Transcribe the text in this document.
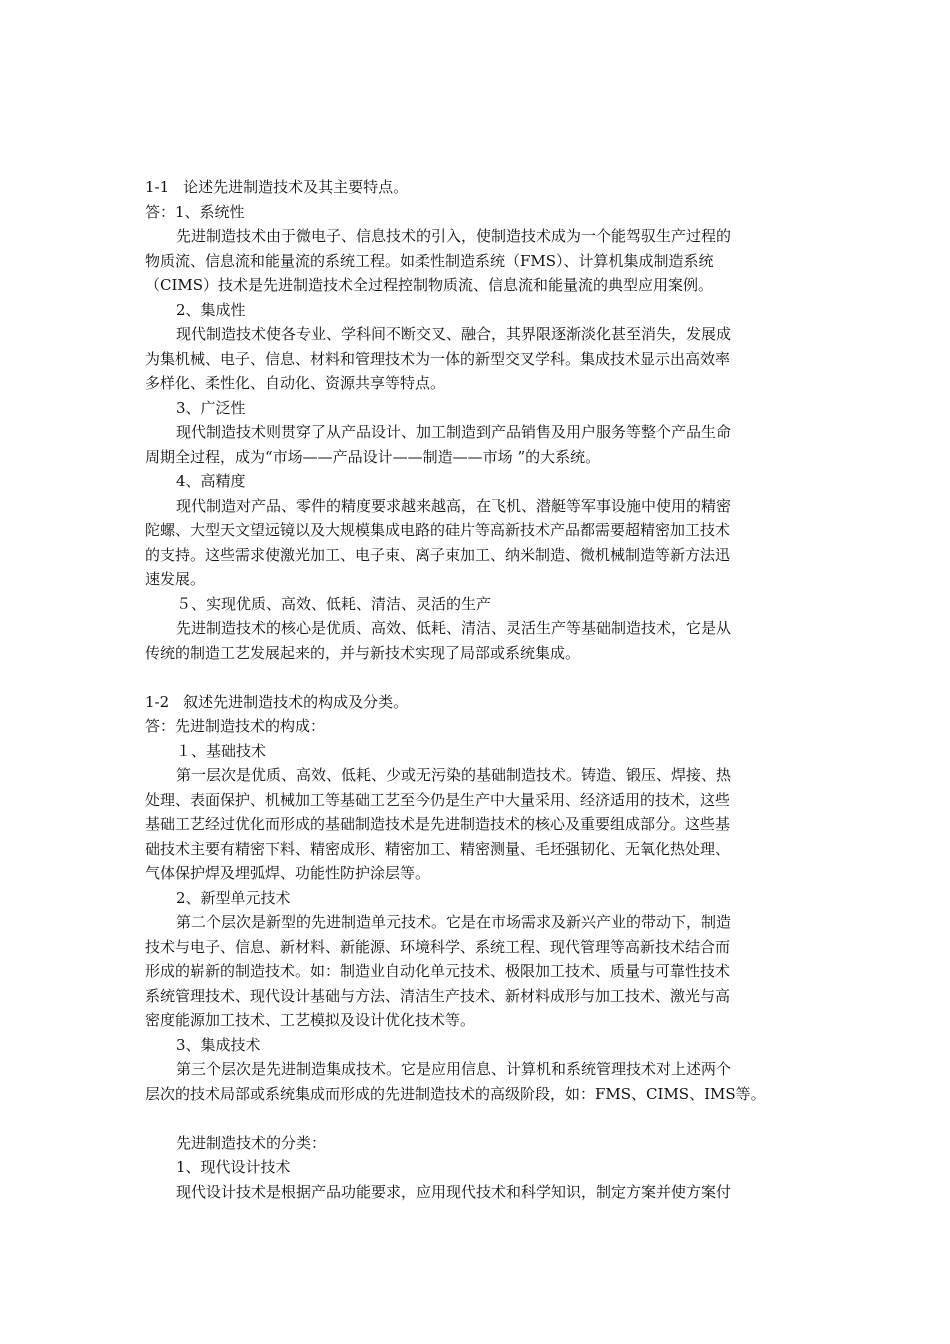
1-1 论述先进制造技术及其主要特点。
答：1、系统性
先进制造技术由于微电子、信息技术的引入，使制造技术成为一个能驾驭生产过程的
物质流、信息流和能量流的系统工程。如柔性制造系统（FMS）、计算机集成制造系统
（CIMS）技术是先进制造技术全过程控制物质流、信息流和能量流的典型应用案例。
2、集成性
现代制造技术使各专业、学科间不断交叉、融合，其界限逐渐淡化甚至消失，发展成
为集机械、电子、信息、材料和管理技术为一体的新型交叉学科。集成技术显示出高效率
多样化、柔性化、自动化、资源共享等特点。
3、广泛性
现代制造技术则贯穿了从产品设计、加工制造到产品销售及用户服务等整个产品生命
周期全过程，成为“市场——产品设计——制造——市场 ”的大系统。
4、高精度
现代制造对产品、零件的精度要求越来越高，在飞机、潜艇等军事设施中使用的精密
陀螺、大型天文望远镜以及大规模集成电路的硅片等高新技术产品都需要超精密加工技术
的支持。这些需求使激光加工、电子束、离子束加工、纳米制造、微机械制造等新方法迅
速发展。
５、实现优质、高效、低耗、清洁、灵活的生产
先进制造技术的核心是优质、高效、低耗、清洁、灵活生产等基础制造技术，它是从
传统的制造工艺发展起来的，并与新技术实现了局部或系统集成。
1-2 叙述先进制造技术的构成及分类。
答：先进制造技术的构成：
１、基础技术
第一层次是优质、高效、低耗、少或无污染的基础制造技术。铸造、锻压、焊接、热
处理、表面保护、机械加工等基础工艺至今仍是生产中大量采用、经济适用的技术，这些
基础工艺经过优化而形成的基础制造技术是先进制造技术的核心及重要组成部分。这些基
础技术主要有精密下料、精密成形、精密加工、精密测量、毛坯强韧化、无氧化热处理、
气体保护焊及埋弧焊、功能性防护涂层等。
2、新型单元技术
第二个层次是新型的先进制造单元技术。它是在市场需求及新兴产业的带动下，制造
技术与电子、信息、新材料、新能源、环境科学、系统工程、现代管理等高新技术结合而
形成的崭新的制造技术。如：制造业自动化单元技术、极限加工技术、质量与可靠性技术
系统管理技术、现代设计基础与方法、清洁生产技术、新材料成形与加工技术、激光与高
密度能源加工技术、工艺模拟及设计优化技术等。
3、集成技术
第三个层次是先进制造集成技术。它是应用信息、计算机和系统管理技术对上述两个
层次的技术局部或系统集成而形成的先进制造技术的高级阶段，如：FMS、CIMS、IMS等。
先进制造技术的分类：
1、现代设计技术
现代设计技术是根据产品功能要求，应用现代技术和科学知识，制定方案并使方案付
